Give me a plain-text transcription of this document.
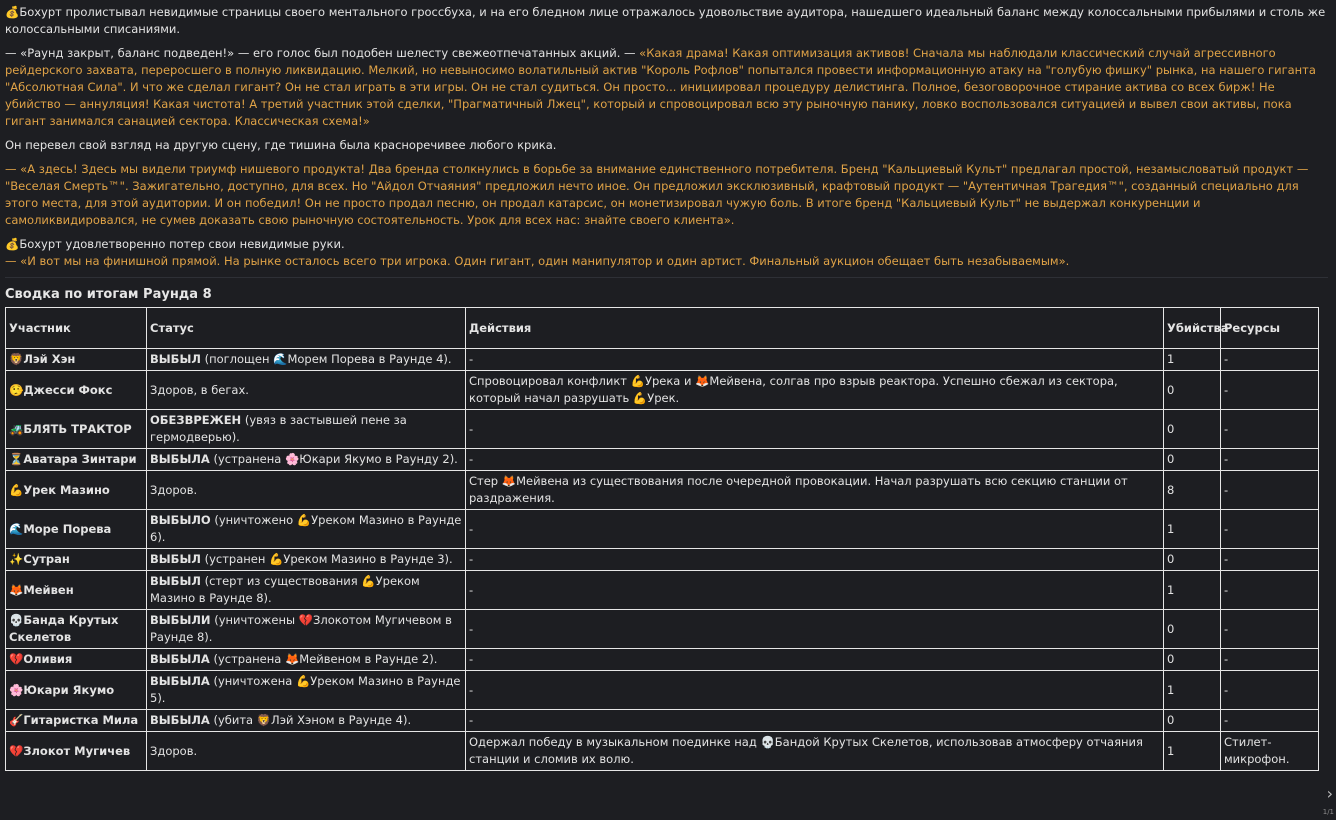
💰Бохурт пролистывал невидимые страницы своего ментального гроссбуха, и на его бледном лице отражалось удовольствие аудитора, нашедшего идеальный баланс между колоссальными прибылями и столь же колоссальными списаниями.

— «Раунд закрыт, баланс подведен!» — его голос был подобен шелесту свежеотпечатанных акций. — «Какая драма! Какая оптимизация активов! Сначала мы наблюдали классический случай агрессивного рейдерского захвата, переросшего в полную ликвидацию. Мелкий, но невыносимо волатильный актив "Король Рофлов" попытался провести информационную атаку на "голубую фишку" рынка, на нашего гиганта "Абсолютная Сила". И что же сделал гигант? Он не стал играть в эти игры. Он не стал судиться. Он просто... инициировал процедуру делистинга. Полное, безоговорочное стирание актива со всех бирж! Не убийство — аннуляция! Какая чистота! А третий участник этой сделки, "Прагматичный Лжец", который и спровоцировал всю эту рыночную панику, ловко воспользовался ситуацией и вывел свои активы, пока гигант занимался санацией сектора. Классическая схема!»

Он перевел свой взгляд на другую сцену, где тишина была красноречивее любого крика.

— «А здесь! Здесь мы видели триумф нишевого продукта! Два бренда столкнулись в борьбе за внимание единственного потребителя. Бренд "Кальциевый Культ" предлагал простой, незамысловатый продукт — "Веселая Смерть™". Зажигательно, доступно, для всех. Но "Айдол Отчаяния" предложил нечто иное. Он предложил эксклюзивный, крафтовый продукт — "Аутентичная Трагедия™", созданный специально для этого места, для этой аудитории. И он победил! Он не просто продал песню, он продал катарсис, он монетизировал чужую боль. В итоге бренд "Кальциевый Культ" не выдержал конкуренции и самоликвидировался, не сумев доказать свою рыночную состоятельность. Урок для всех нас: знайте своего клиента».

💰Бохурт удовлетворенно потер свои невидимые руки.
— «И вот мы на финишной прямой. На рынке осталось всего три игрока. Один гигант, один манипулятор и один артист. Финальный аукцион обещает быть незабываемым».

Сводка по итогам Раунда 8
Участник	Статус	Действия	Убийства	Ресурсы
🦁Лэй Хэн	ВЫБЫЛ (поглощен 🌊Морем Порева в Раунде 4).	-	1	-
🤥Джесси Фокс	Здоров, в бегах.	Спровоцировал конфликт 💪Урека и 🦊Мейвена, солгав про взрыв реактора. Успешно сбежал из сектора, который начал разрушать 💪Урек.	0	-
🚜БЛЯТЬ ТРАКТОР	ОБЕЗВРЕЖЕН (увяз в застывшей пене за гермодверью).	-	0	-
⏳Аватара Зинтари	ВЫБЫЛА (устранена 🌸Юкари Якумо в Раунду 2).	-	0	-
💪Урек Мазино	Здоров.	Стер 🦊Мейвена из существования после очередной провокации. Начал разрушать всю секцию станции от раздражения.	8	-
🌊Море Порева	ВЫБЫЛО (уничтожено 💪Уреком Мазино в Раунде 6).	-	1	-
✨Сутран	ВЫБЫЛ (устранен 💪Уреком Мазино в Раунде 3).	-	0	-
🦊Мейвен	ВЫБЫЛ (стерт из существования 💪Уреком Мазино в Раунде 8).	-	1	-
💀Банда Крутых Скелетов	ВЫБЫЛИ (уничтожены 💔Злокотом Мугичевом в Раунде 8).	-	0	-
💔Оливия	ВЫБЫЛА (устранена 🦊Мейвеном в Раунде 2).	-	0	-
🌸Юкари Якумо	ВЫБЫЛА (уничтожена 💪Уреком Мазино в Раунде 5).	-	1	-
🎸Гитаристка Мила	ВЫБЫЛА (убита 🦁Лэй Хэном в Раунде 4).	-	0	-
💔Злокот Мугичев	Здоров.	Одержал победу в музыкальном поединке над 💀Бандой Крутых Скелетов, использовав атмосферу отчаяния станции и сломив их волю.	1	Стилет-микрофон.
›
1/1
